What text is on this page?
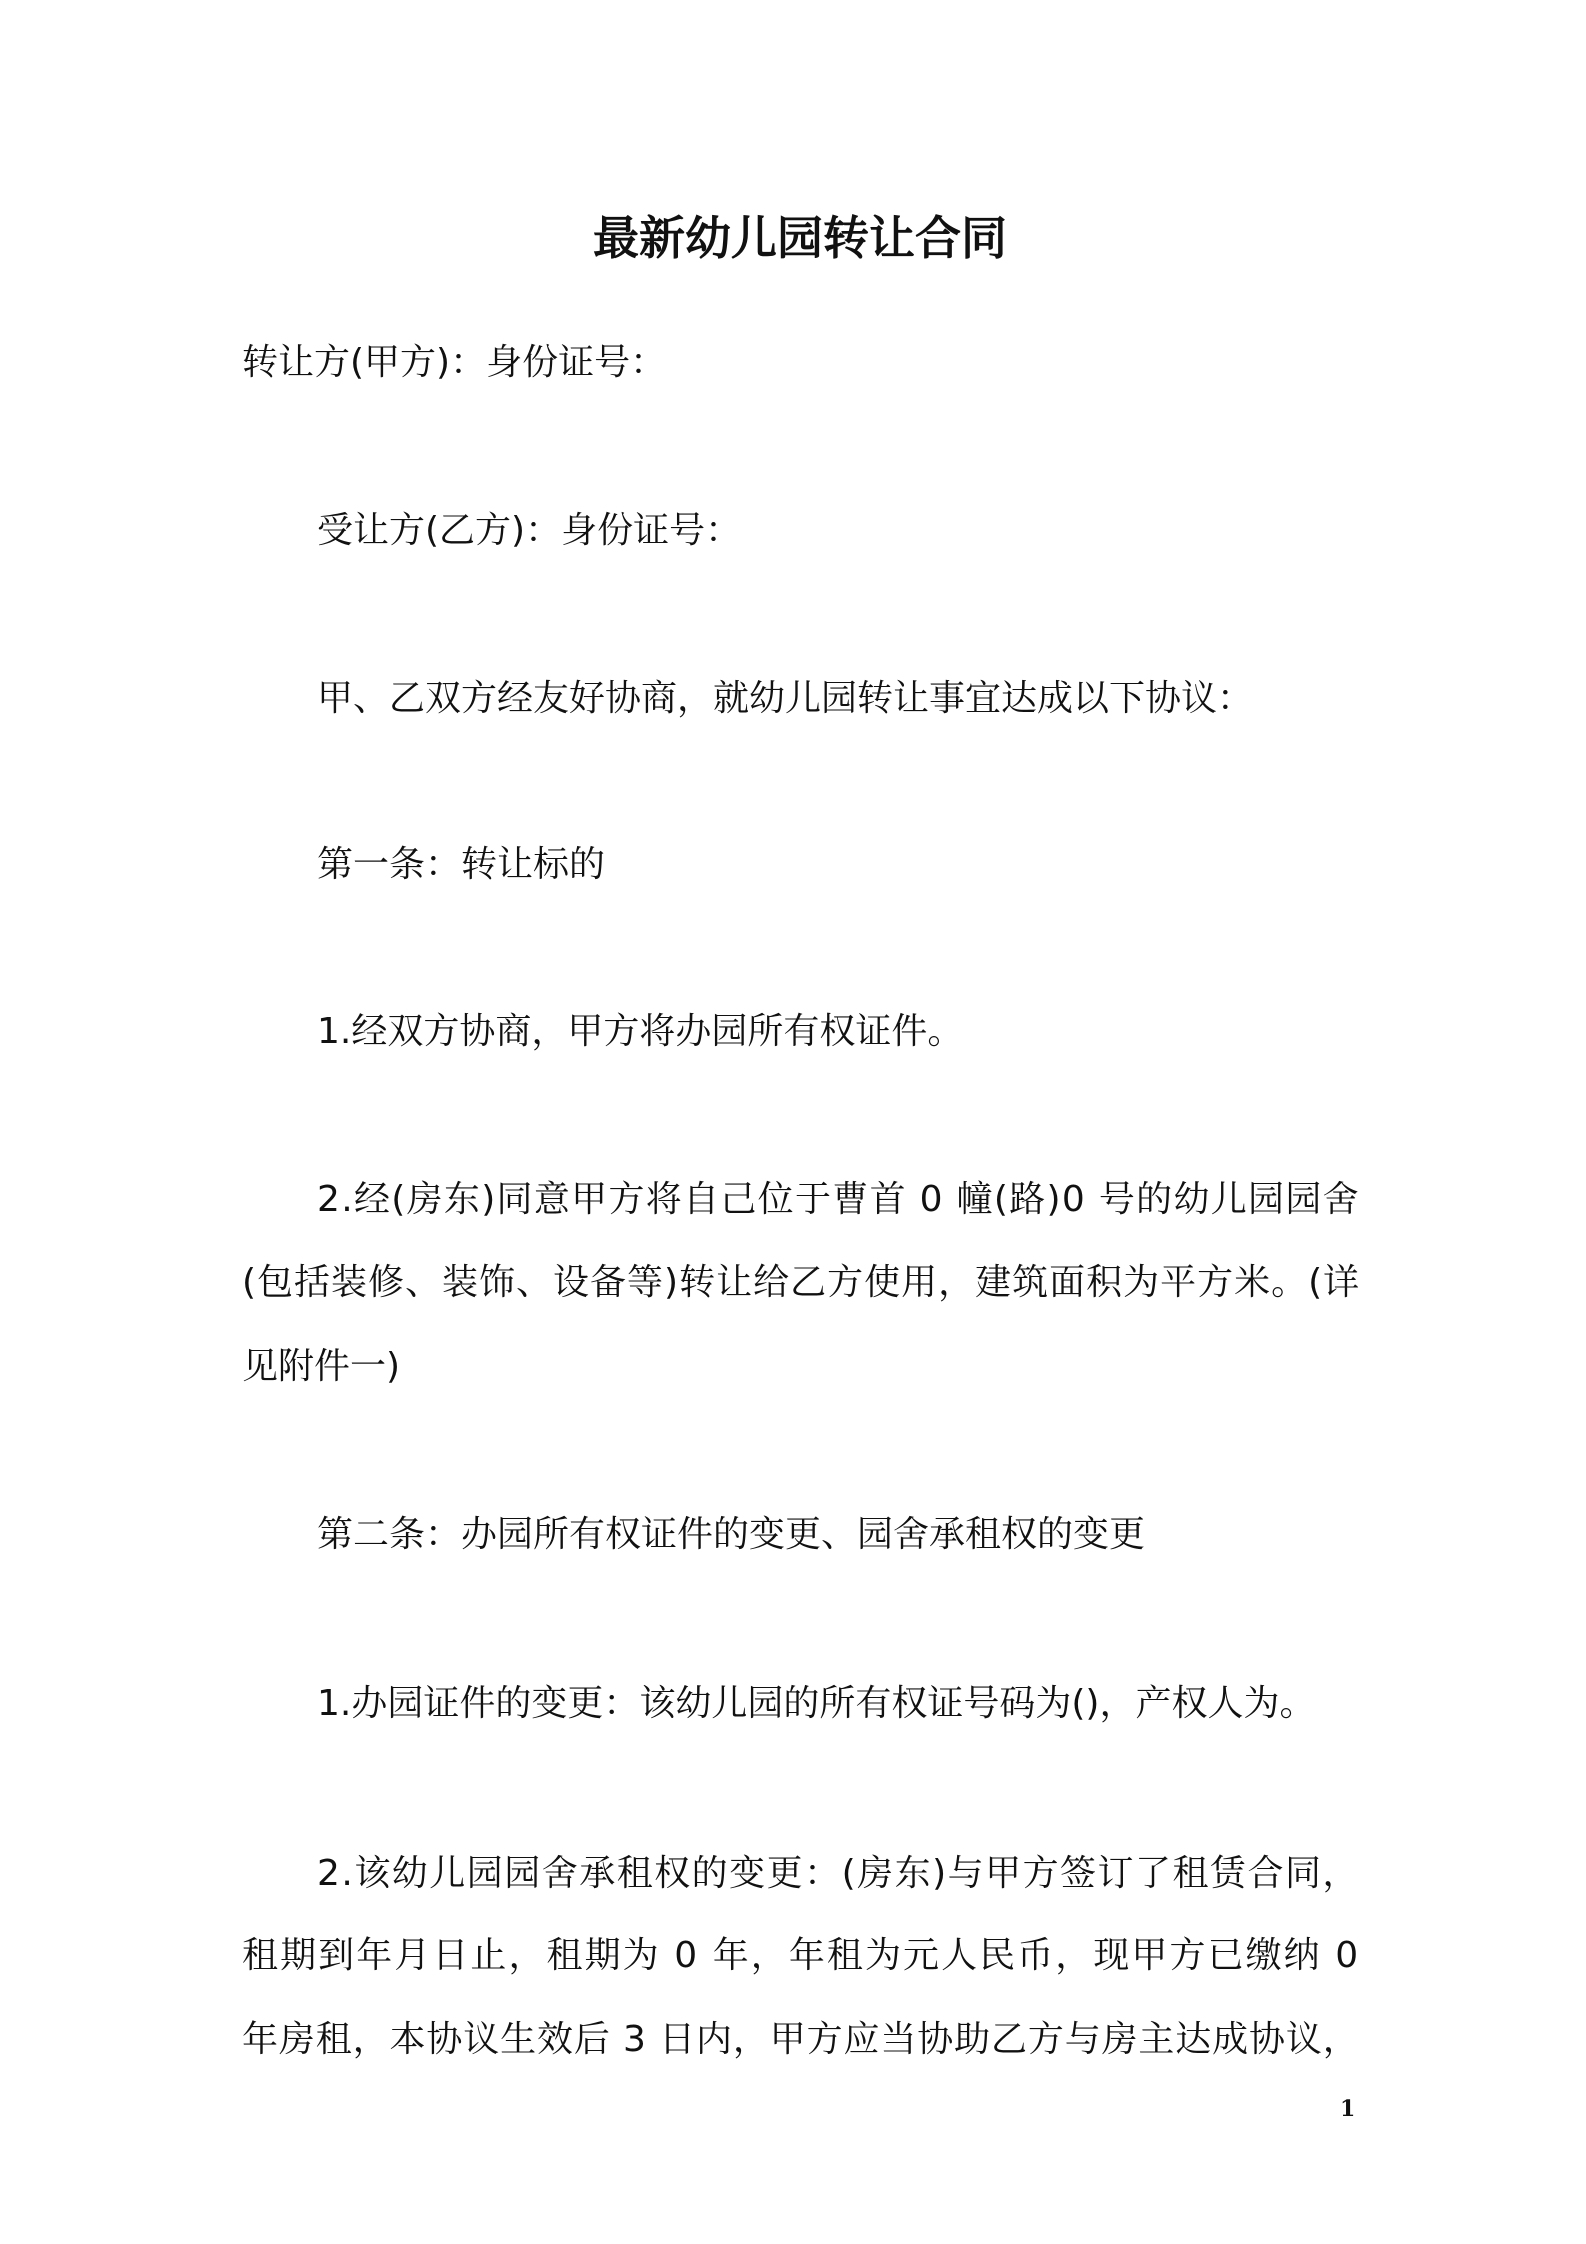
最新幼儿园转让合同
转让方(甲方)：身份证号：
受让方(乙方)：身份证号：
甲、乙双方经友好协商，就幼儿园转让事宜达成以下协议：
第一条：转让标的
1.经双方协商，甲方将办园所有权证件。
2.经(房东)同意甲方将自己位于曹首 0 幢(路)0 号的幼儿园园舍
(包括装修、装饰、设备等)转让给乙方使用，建筑面积为平方米。(详
见附件一)
第二条：办园所有权证件的变更、园舍承租权的变更
1.办园证件的变更：该幼儿园的所有权证号码为()，产权人为。
2.该幼儿园园舍承租权的变更：(房东)与甲方签订了租赁合同，
租期到年月日止，租期为 0 年，年租为元人民币，现甲方已缴纳 0
年房租，本协议生效后 3 日内，甲方应当协助乙方与房主达成协议，
1
